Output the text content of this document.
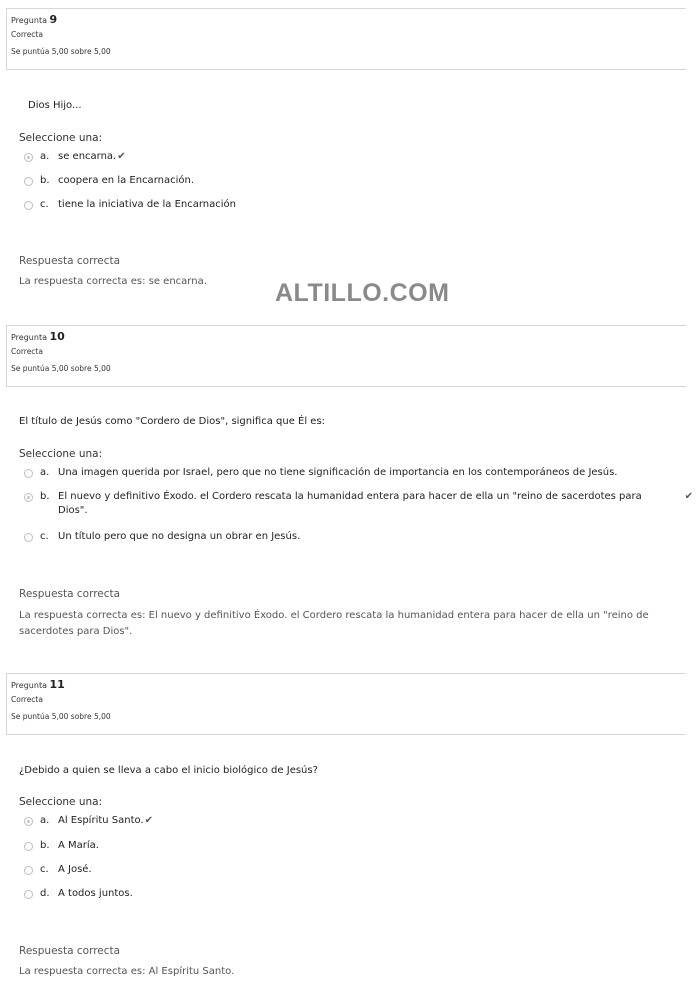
Pregunta 9
Correcta
Se puntúa 5,00 sobre 5,00
Dios Hijo...
Seleccione una:
a. se encarna.✔
b. coopera en la Encarnación.
c. tiene la iniciativa de la Encarnación
Respuesta correcta
La respuesta correcta es: se encarna.	ALTILLO.COM
Pregunta 10
Correcta
Se puntúa 5,00 sobre 5,00
El título de Jesús como "Cordero de Dios", significa que Él es:
Seleccione una:
a. Una imagen querida por Israel, pero que no tiene significación de importancia en los contemporáneos de Jesús.
b. El nuevo y definitivo Éxodo. el Cordero rescata la humanidad entera para hacer de ella un "reino de sacerdotes para Dios".
✔
c. Un título pero que no designa un obrar en Jesús.
Respuesta correcta
La respuesta correcta es: El nuevo y definitivo Éxodo. el Cordero rescata la humanidad entera para hacer de ella un "reino de sacerdotes para Dios".
Pregunta 11
Correcta
Se puntúa 5,00 sobre 5,00
¿Debido a quien se lleva a cabo el inicio biológico de Jesús?
Seleccione una:
a. Al Espíritu Santo.✔
b. A María.
c. A José.
d. A todos juntos.
Respuesta correcta
La respuesta correcta es: Al Espíritu Santo.
